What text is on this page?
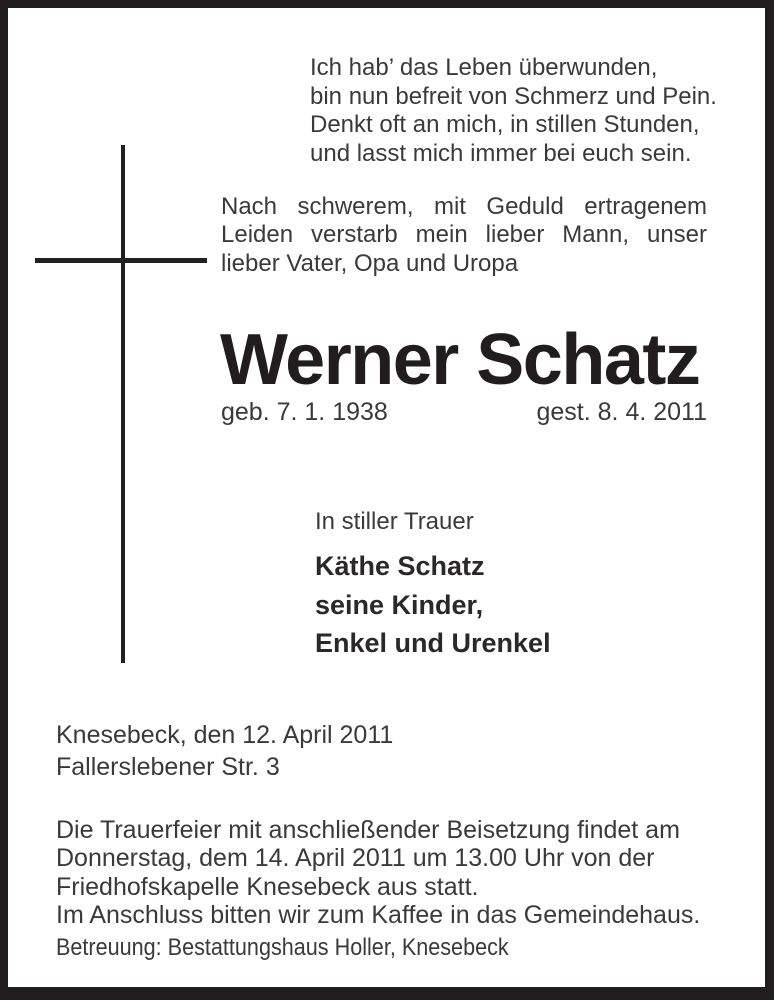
Ich hab’ das Leben überwunden,
bin nun befreit von Schmerz und Pein.
Denkt oft an mich, in stillen Stunden,
und lasst mich immer bei euch sein.
Nach schwerem, mit Geduld ertragenem
Leiden verstarb mein lieber Mann, unser
lieber Vater, Opa und Uropa
Werner Schatz
geb. 7. 1. 1938	gest. 8. 4. 2011
In stiller Trauer
Käthe Schatz
seine Kinder,
Enkel und Urenkel
Knesebeck, den 12. April 2011
Fallerslebener Str. 3
Die Trauerfeier mit anschließender Beisetzung findet am
Donnerstag, dem 14. April 2011 um 13.00 Uhr von der
Friedhofskapelle Knesebeck aus statt.
Im Anschluss bitten wir zum Kaffee in das Gemeindehaus.
Betreuung: Bestattungshaus Holler, Knesebeck
